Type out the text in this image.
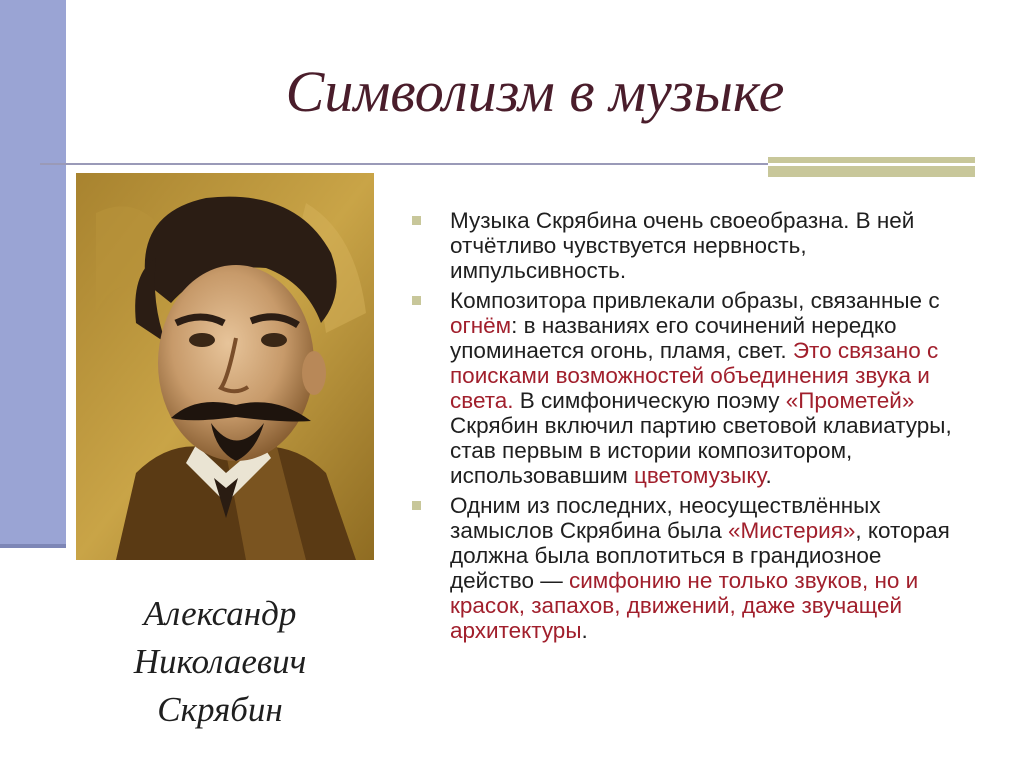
Символизм в музыке
Александр
Николаевич
Скрябин
Музыка Скрябина очень своеобразна. В ней отчётливо чувствуется нервность, импульсивность.
Композитора привлекали образы, связанные с огнём: в названиях его сочинений нередко упоминается огонь, пламя, свет. Это связано с поисками возможностей объединения звука и света. В симфоническую поэму «Прометей» Скрябин включил партию световой клавиатуры, став первым в истории композитором, использовавшим цветомузыку.
Одним из последних, неосуществлённых замыслов Скрябина была «Мистерия», которая должна была воплотиться в грандиозное действо — симфонию не только звуков, но и красок, запахов, движений, даже звучащей архитектуры.
